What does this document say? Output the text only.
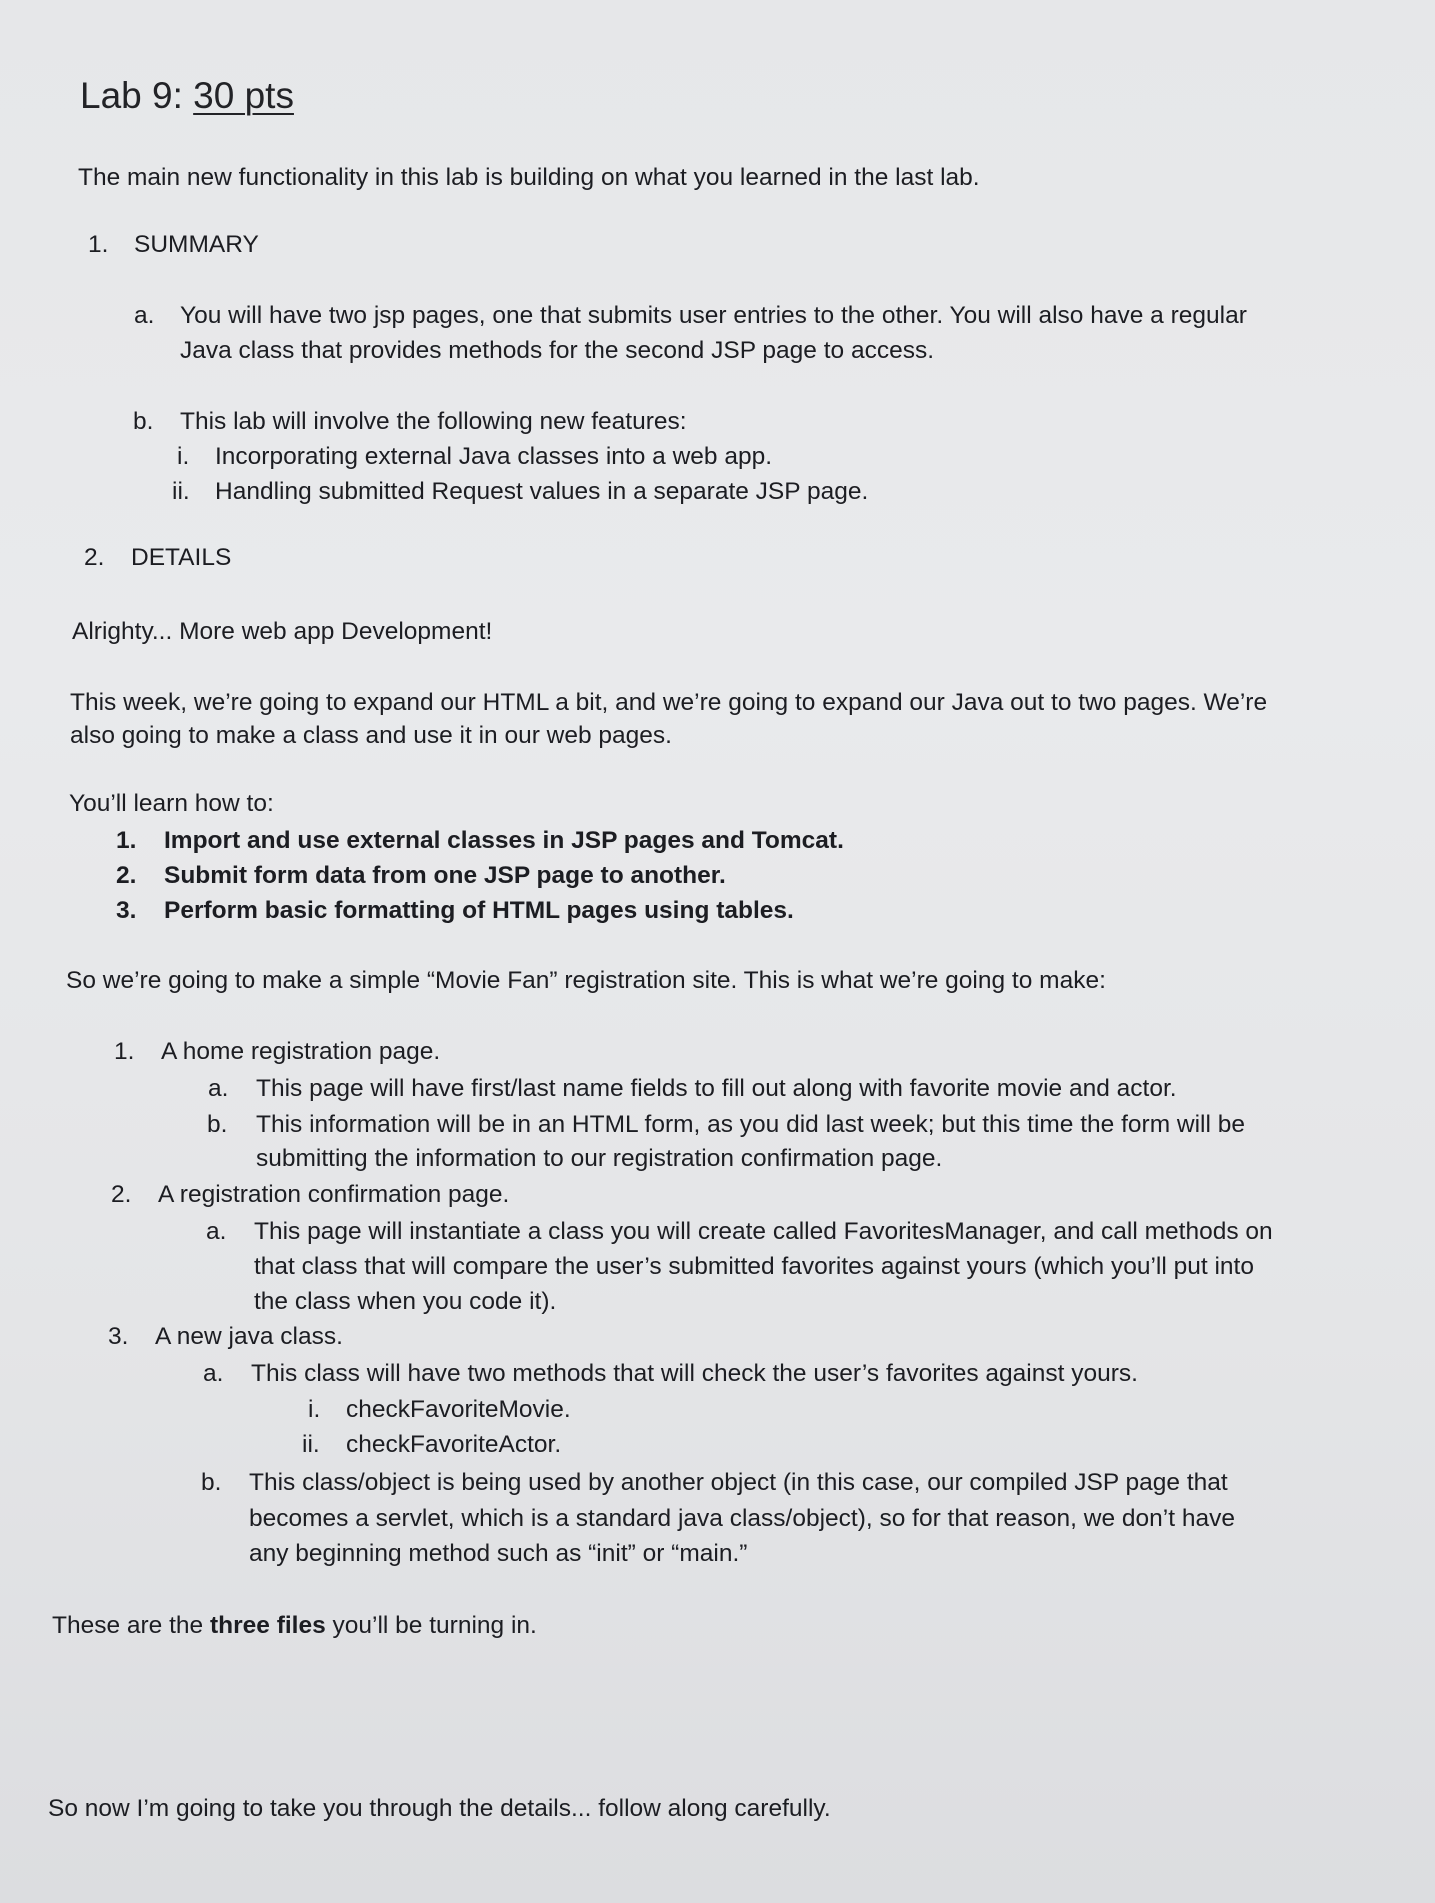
Lab 9: 30 pts
The main new functionality in this lab is building on what you learned in the last lab.
1. SUMMARY
a. You will have two jsp pages, one that submits user entries to the other. You will also have a regular
Java class that provides methods for the second JSP page to access.
b. This lab will involve the following new features:
i. Incorporating external Java classes into a web app.
ii. Handling submitted Request values in a separate JSP page.
2. DETAILS
Alrighty... More web app Development!
This week, we’re going to expand our HTML a bit, and we’re going to expand our Java out to two pages. We’re
also going to make a class and use it in our web pages.
You’ll learn how to:
1. Import and use external classes in JSP pages and Tomcat.
2. Submit form data from one JSP page to another.
3. Perform basic formatting of HTML pages using tables.
So we’re going to make a simple “Movie Fan” registration site. This is what we’re going to make:
1. A home registration page.
a. This page will have first/last name fields to fill out along with favorite movie and actor.
b. This information will be in an HTML form, as you did last week; but this time the form will be
submitting the information to our registration confirmation page.
2. A registration confirmation page.
a. This page will instantiate a class you will create called FavoritesManager, and call methods on
that class that will compare the user’s submitted favorites against yours (which you’ll put into
the class when you code it).
3. A new java class.
a. This class will have two methods that will check the user’s favorites against yours.
i. checkFavoriteMovie.
ii. checkFavoriteActor.
b. This class/object is being used by another object (in this case, our compiled JSP page that
becomes a servlet, which is a standard java class/object), so for that reason, we don’t have
any beginning method such as “init” or “main.”
These are the three files you’ll be turning in.
So now I’m going to take you through the details... follow along carefully.
